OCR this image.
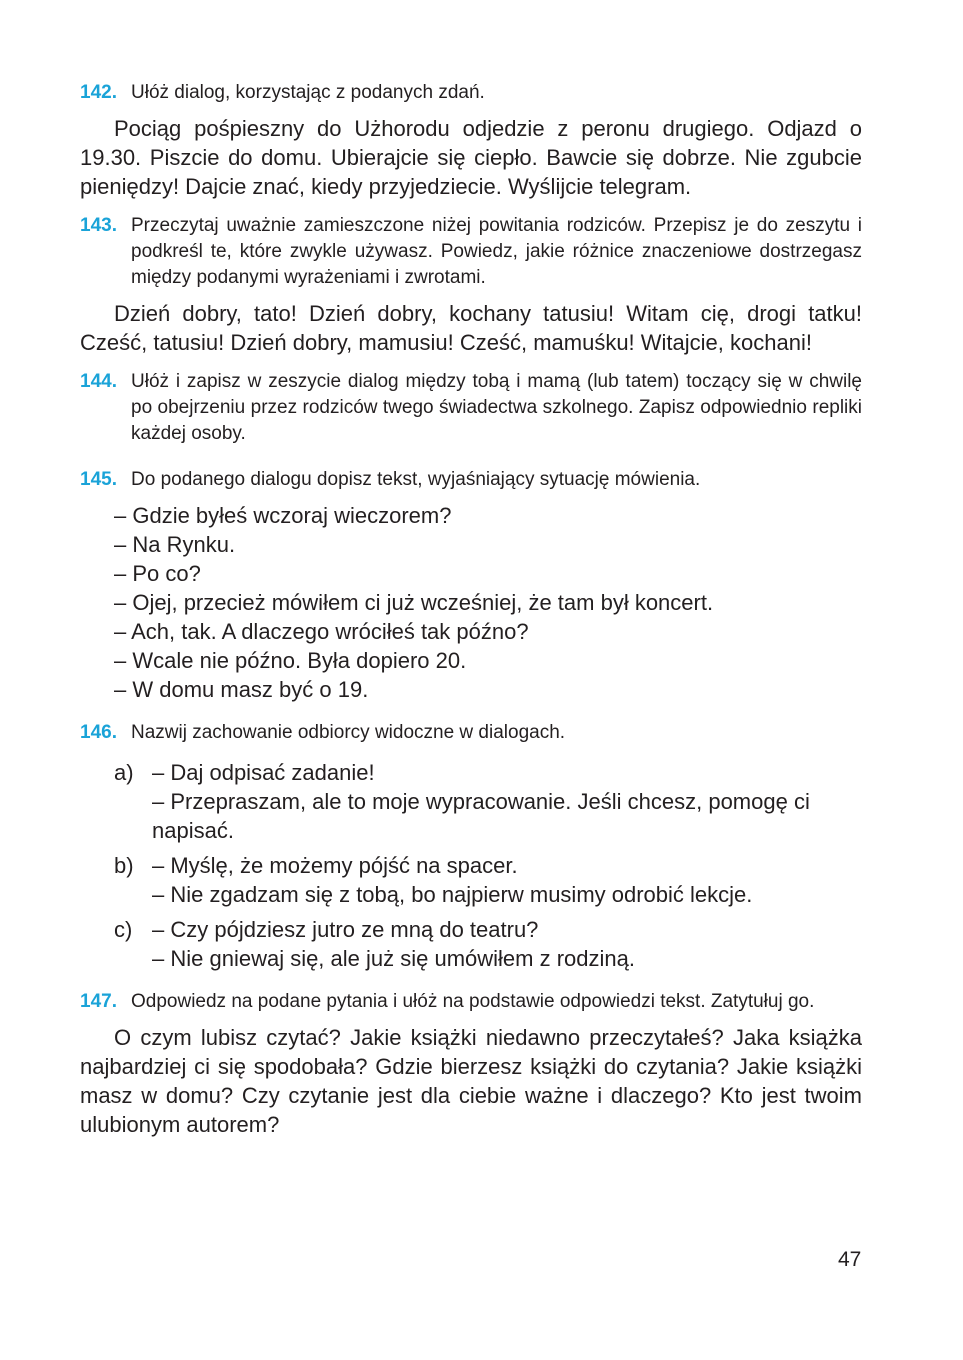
142. Ułóż dialog, korzystając z podanych zdań.

Pociąg pośpieszny do Użhorodu odjedzie z peronu drugiego. Odjazd o 19.30. Piszcie do domu. Ubierajcie się ciepło. Bawcie się dobrze. Nie zgubcie pieniędzy! Dajcie znać, kiedy przyjedziecie. Wyślijcie telegram.

143. Przeczytaj uważnie zamieszczone niżej powitania rodziców. Przepisz je do zeszytu i podkreśl te, które zwykle używasz. Powiedz, jakie różnice znaczeniowe dostrzegasz między podanymi wyrażeniami i zwrotami.

Dzień dobry, tato! Dzień dobry, kochany tatusiu! Witam cię, drogi tatku! Cześć, tatusiu! Dzień dobry, mamusiu! Cześć, mamuśku! Witajcie, kochani!

144. Ułóż i zapisz w zeszycie dialog między tobą i mamą (lub tatem) toczący się w chwilę po obejrzeniu przez rodziców twego świadectwa szkolnego. Zapisz odpowiednio repliki każdej osoby.

145. Do podanego dialogu dopisz tekst, wyjaśniający sytuację mówienia.

– Gdzie byłeś wczoraj wieczorem?
– Na Rynku.
– Po co?
– Ojej, przecież mówiłem ci już wcześniej, że tam był koncert.
– Ach, tak. A dlaczego wróciłeś tak późno?
– Wcale nie późno. Była dopiero 20.
– W domu masz być o 19.

146. Nazwij zachowanie odbiorcy widoczne w dialogach.

a) – Daj odpisać zadanie!
– Przepraszam, ale to moje wypracowanie. Jeśli chcesz, pomogę ci napisać.
b) – Myślę, że możemy pójść na spacer.
– Nie zgadzam się z tobą, bo najpierw musimy odrobić lekcje.
c) – Czy pójdziesz jutro ze mną do teatru?
– Nie gniewaj się, ale już się umówiłem z rodziną.

147. Odpowiedz na podane pytania i ułóż na podstawie odpowiedzi tekst. Zatytułuj go.

O czym lubisz czytać? Jakie książki niedawno przeczytałeś? Jaka książka najbardziej ci się spodobała? Gdzie bierzesz książki do czytania? Jakie książki masz w domu? Czy czytanie jest dla ciebie ważne i dlaczego? Kto jest twoim ulubionym autorem?

47
